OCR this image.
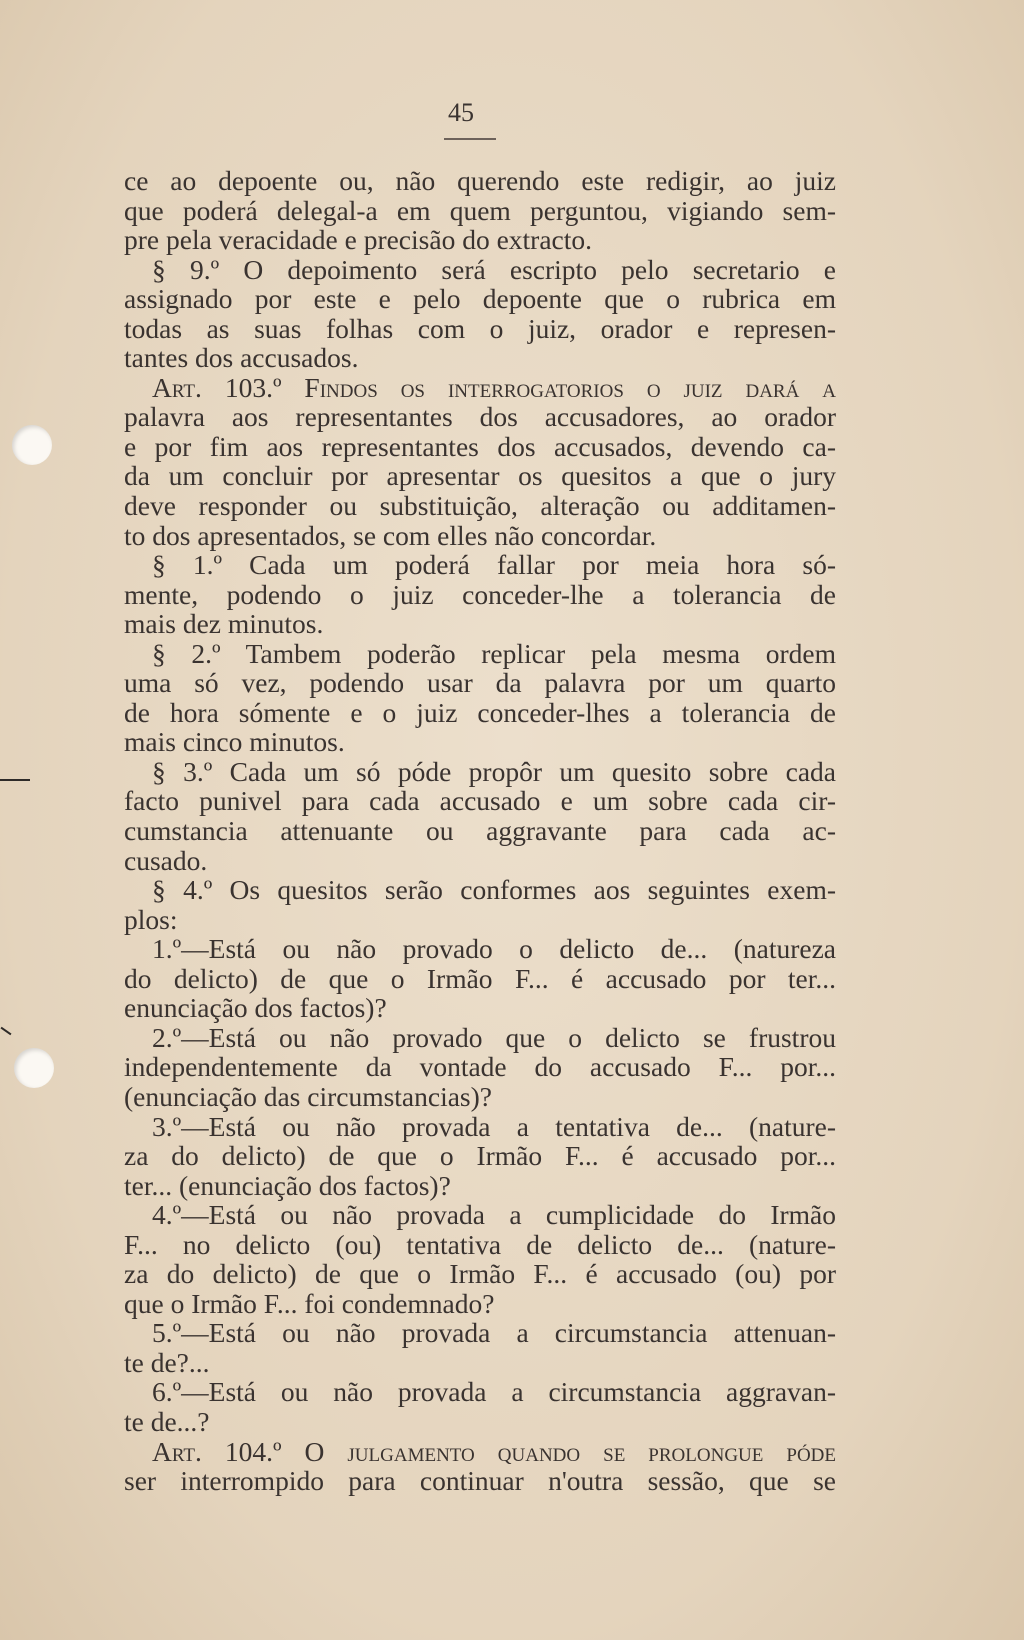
45
ce ao depoente ou, não querendo este redigir, ao juiz
que poderá delegal-a em quem perguntou, vigiando sem-
pre pela veracidade e precisão do extracto.
§ 9.º O depoimento será escripto pelo secretario e
assignado por este e pelo depoente que o rubrica em
todas as suas folhas com o juiz, orador e represen-
tantes dos accusados.
Art. 103.º Findos os interrogatorios o juiz dará a
palavra aos representantes dos accusadores, ao orador
e por fim aos representantes dos accusados, devendo ca-
da um concluir por apresentar os quesitos a que o jury
deve responder ou substituição, alteração ou additamen-
to dos apresentados, se com elles não concordar.
§ 1.º Cada um poderá fallar por meia hora só-
mente, podendo o juiz conceder-lhe a tolerancia de
mais dez minutos.
§ 2.º Tambem poderão replicar pela mesma ordem
uma só vez, podendo usar da palavra por um quarto
de hora sómente e o juiz conceder-lhes a tolerancia de
mais cinco minutos.
§ 3.º Cada um só póde propôr um quesito sobre cada
facto punivel para cada accusado e um sobre cada cir-
cumstancia attenuante ou aggravante para cada ac-
cusado.
§ 4.º Os quesitos serão conformes aos seguintes exem-
plos:
1.º—Está ou não provado o delicto de... (natureza
do delicto) de que o Irmão F... é accusado por ter...
enunciação dos factos)?
2.º—Está ou não provado que o delicto se frustrou
independentemente da vontade do accusado F... por...
(enunciação das circumstancias)?
3.º—Está ou não provada a tentativa de... (nature-
za do delicto) de que o Irmão F... é accusado por...
ter... (enunciação dos factos)?
4.º—Está ou não provada a cumplicidade do Irmão
F... no delicto (ou) tentativa de delicto de... (nature-
za do delicto) de que o Irmão F... é accusado (ou) por
que o Irmão F... foi condemnado?
5.º—Está ou não provada a circumstancia attenuan-
te de?...
6.º—Está ou não provada a circumstancia aggravan-
te de...?
Art. 104.º O julgamento quando se prolongue póde
ser interrompido para continuar n'outra sessão, que se
